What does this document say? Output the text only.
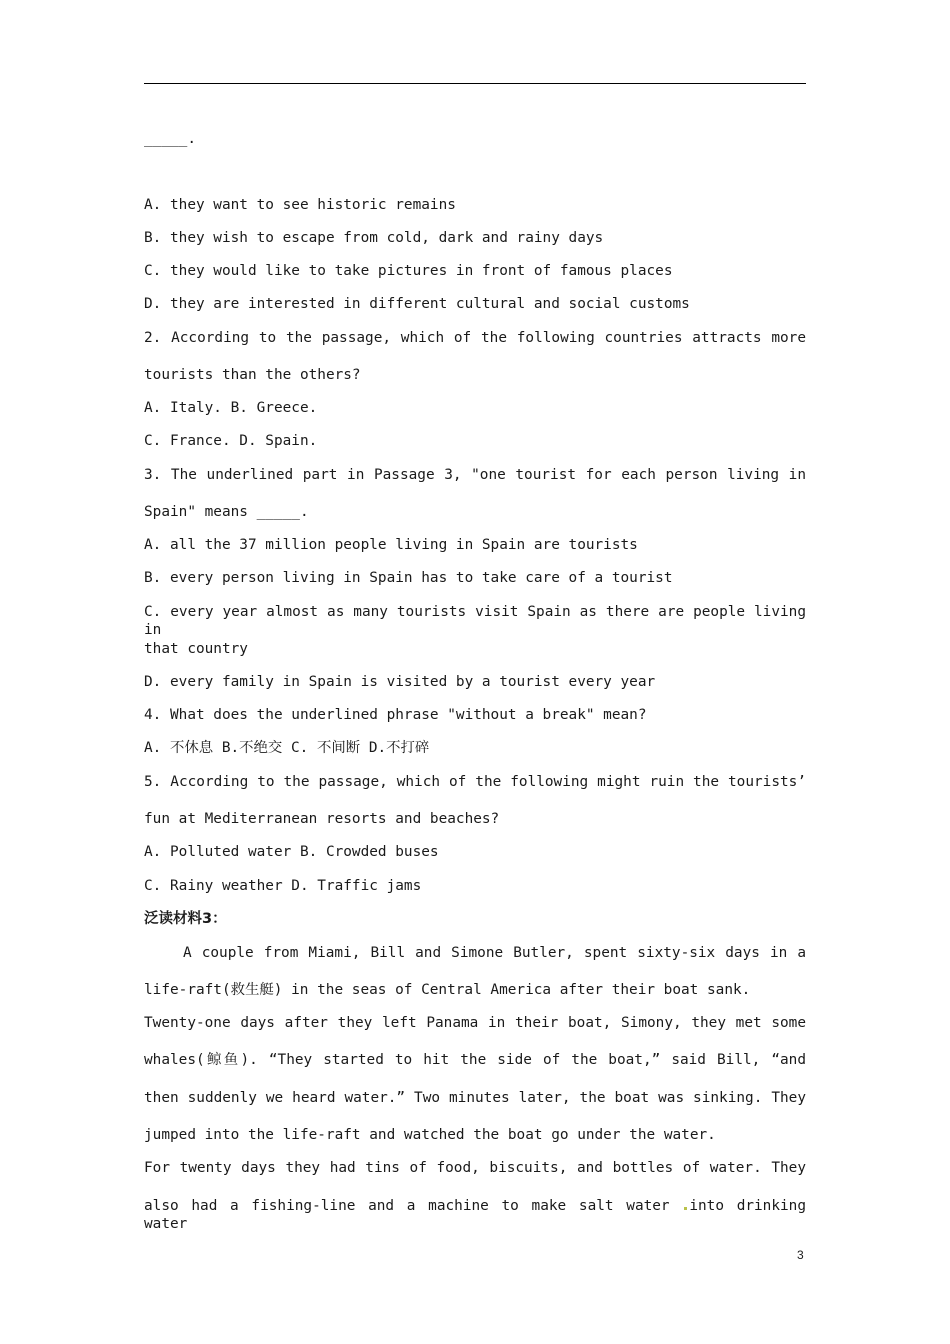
_____.
A. they want to see historic remains
B. they wish to escape from cold, dark and rainy days
C. they would like to take pictures in front of famous places
D. they are interested in different cultural and social customs
2. According to the passage, which of the following countries attracts more
tourists than the others?
A. Italy. B. Greece.
C. France. D. Spain.
3. The underlined part in Passage 3, "one tourist for each person living in
Spain" means _____.
A. all the 37 million people living in Spain are tourists
B. every person living in Spain has to take care of a tourist
C. every year almost as many tourists visit Spain as there are people living in
that country
D. every family in Spain is visited by a tourist every year
4. What does the underlined phrase "without a break" mean?
A. 不休息 B.不绝交 C. 不间断 D.不打碎
5. According to the passage, which of the following might ruin the tourists’
fun at Mediterranean resorts and beaches?
A. Polluted water B. Crowded buses
C. Rainy weather D. Traffic jams
泛读材料3：
A couple from Miami, Bill and Simone Butler, spent sixty-six days in a
life-raft(救生艇) in the seas of Central America after their boat sank.
Twenty-one days after they left Panama in their boat, Simony, they met some
whales(鲸鱼). “They started to hit the side of the boat,” said Bill, “and
then suddenly we heard water.” Two minutes later, the boat was sinking. They
jumped into the life-raft and watched the boat go under the water.
For twenty days they had tins of food, biscuits, and bottles of water. They
also had a fishing-line and a machine to make salt water into drinking water
3
